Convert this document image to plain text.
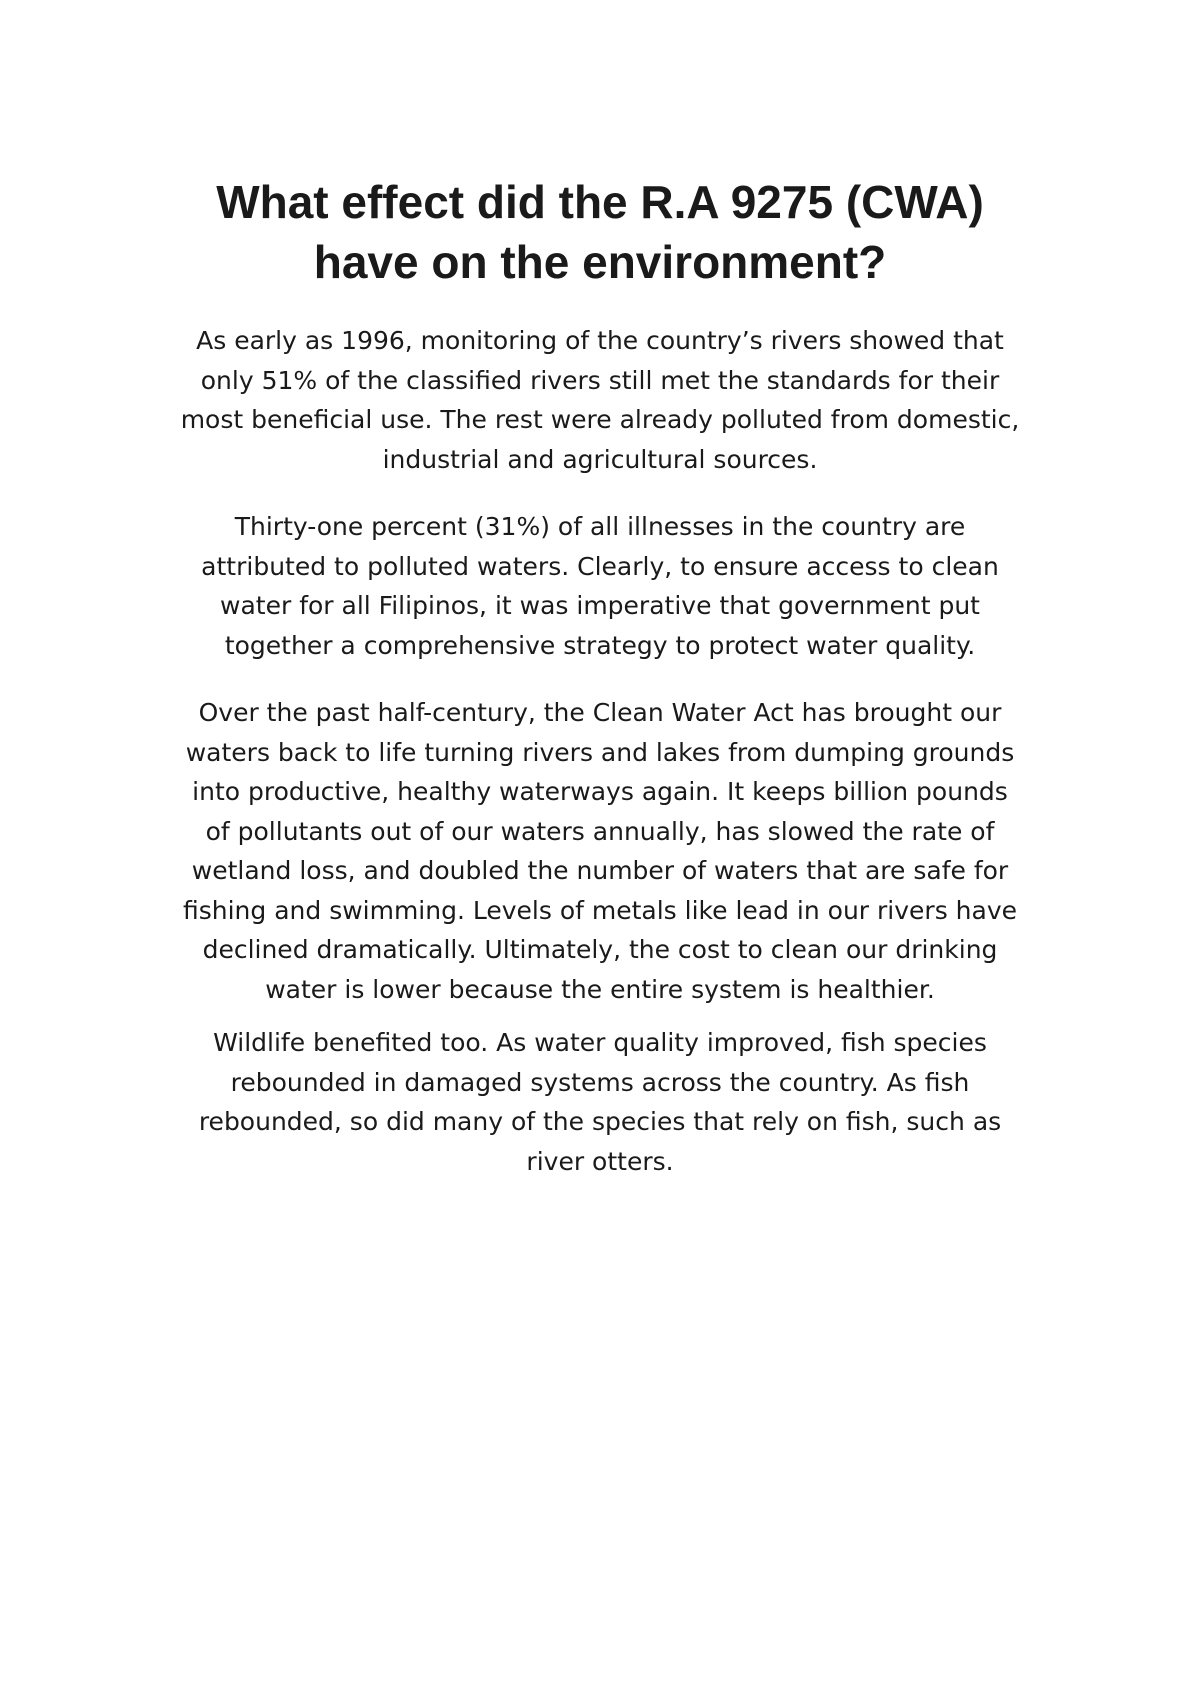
What effect did the R.A 9275 (CWA) have on the environment?

As early as 1996, monitoring of the country’s rivers showed that only 51% of the classified rivers still met the standards for their most beneficial use. The rest were already polluted from domestic, industrial and agricultural sources.

Thirty-one percent (31%) of all illnesses in the country are attributed to polluted waters. Clearly, to ensure access to clean water for all Filipinos, it was imperative that government put together a comprehensive strategy to protect water quality.

Over the past half-century, the Clean Water Act has brought our waters back to life turning rivers and lakes from dumping grounds into productive, healthy waterways again. It keeps billion pounds of pollutants out of our waters annually, has slowed the rate of wetland loss, and doubled the number of waters that are safe for fishing and swimming. Levels of metals like lead in our rivers have declined dramatically. Ultimately, the cost to clean our drinking water is lower because the entire system is healthier.

Wildlife benefited too. As water quality improved, fish species rebounded in damaged systems across the country. As fish rebounded, so did many of the species that rely on fish, such as river otters.
